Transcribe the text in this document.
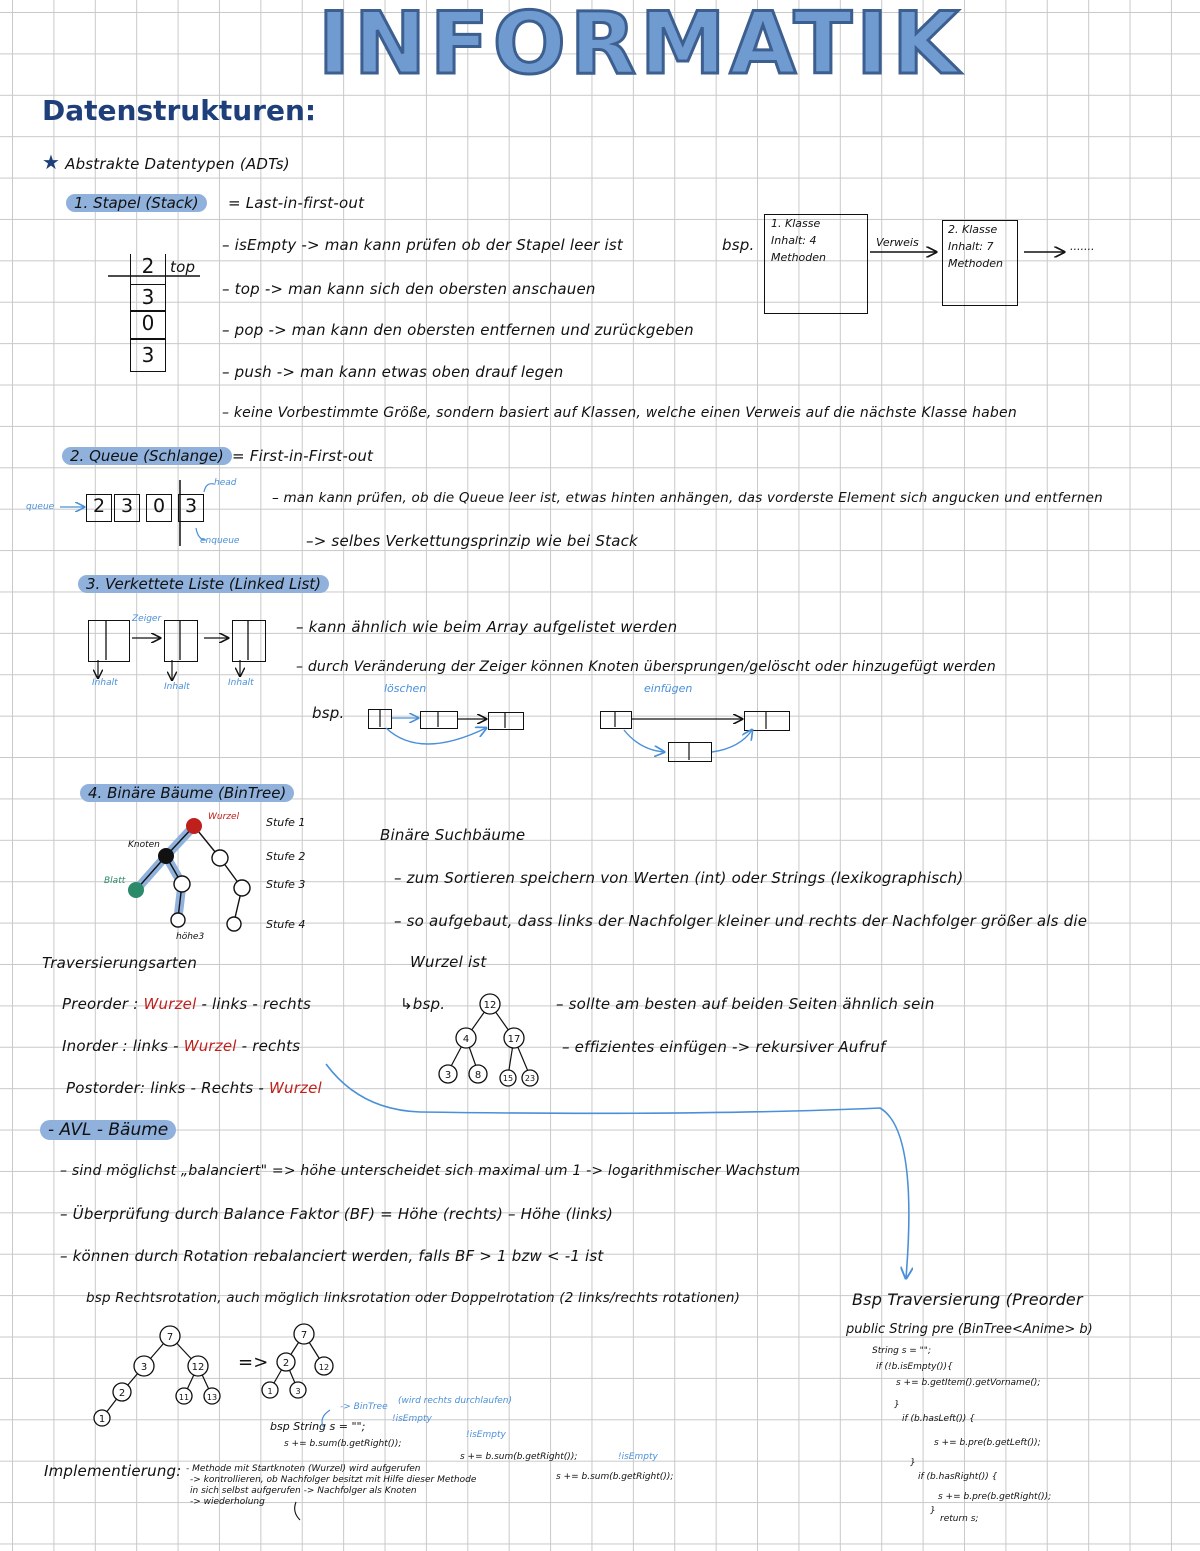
INFORMATIK
Datenstrukturen:
★ Abstrakte Datentypen (ADTs)
1. Stapel (Stack)	= Last-in-first-out
2
3
0
3
top
– isEmpty -> man kann prüfen ob der Stapel leer ist
– top -> man kann sich den obersten anschauen
– pop -> man kann den obersten entfernen und zurückgeben
– push -> man kann etwas oben drauf legen
– keine Vorbestimmte Größe, sondern basiert auf Klassen, welche einen Verweis auf die nächste Klasse haben
bsp.
1. Klasse
Inhalt: 4
Methoden
Verweis
2. Klasse
Inhalt: 7
Methoden
.......
2. Queue (Schlange) = First-in-First-out
queue	2 3	0	3
head
enqueue
– man kann prüfen, ob die Queue leer ist, etwas hinten anhängen, das vorderste Element sich angucken und entfernen
–> selbes Verkettungsprinzip wie bei Stack
3. Verkettete Liste (Linked List)
Zeiger
Inhalt	Inhalt	Inhalt
– kann ähnlich wie beim Array aufgelistet werden
– durch Veränderung der Zeiger können Knoten übersprungen/gelöscht oder hinzugefügt werden
bsp.
löschen	einfügen
4. Binäre Bäume (BinTree)
Wurzel
Knoten
Blatt
höhe3
Stufe 1
Stufe 2
Stufe 3
Stufe 4
Traversierungsarten
Preorder : Wurzel - links - rechts
Inorder : links - Wurzel - rechts
Postorder: links - Rechts - Wurzel
Binäre Suchbäume
– zum Sortieren speichern von Werten (int) oder Strings (lexikographisch)
– so aufgebaut, dass links der Nachfolger kleiner und rechts der Nachfolger größer als die
Wurzel ist
↳bsp.	– sollte am besten auf beiden Seiten ähnlich sein
– effizientes einfügen -> rekursiver Aufruf
- AVL - Bäume
– sind möglichst „balanciert" => höhe unterscheidet sich maximal um 1 -> logarithmischer Wachstum
– Überprüfung durch Balance Faktor (BF) = Höhe (rechts) – Höhe (links)
– können durch Rotation rebalanciert werden, falls BF > 1 bzw < -1 ist
bsp Rechtsrotation, auch möglich linksrotation oder Doppelrotation (2 links/rechts rotationen)
=>
Implementierung: - Methode mit Startknoten (Wurzel) wird aufgerufen
-> kontrollieren, ob Nachfolger besitzt mit Hilfe dieser Methode
in sich selbst aufgerufen -> Nachfolger als Knoten
-> wiederholung
bsp String s = "";
s += b.sum(b.getRight());
s += b.sum(b.getRight());
s += b.sum(b.getRight());
-> BinTree
(wird rechts durchlaufen)
!isEmpty
!isEmpty
!isEmpty
Bsp Traversierung (Preorder
public String pre (BinTree<Anime> b)
String s = "";
if (!b.isEmpty()){
s += b.getItem().getVorname();
}
if (b.hasLeft()) {
s += b.pre(b.getLeft());
}
if (b.hasRight()) {
s += b.pre(b.getRight());
}
return s;
12
4	17
3 8	15 23
7
3	12
2	11 13
1
7
2	12
1	3
